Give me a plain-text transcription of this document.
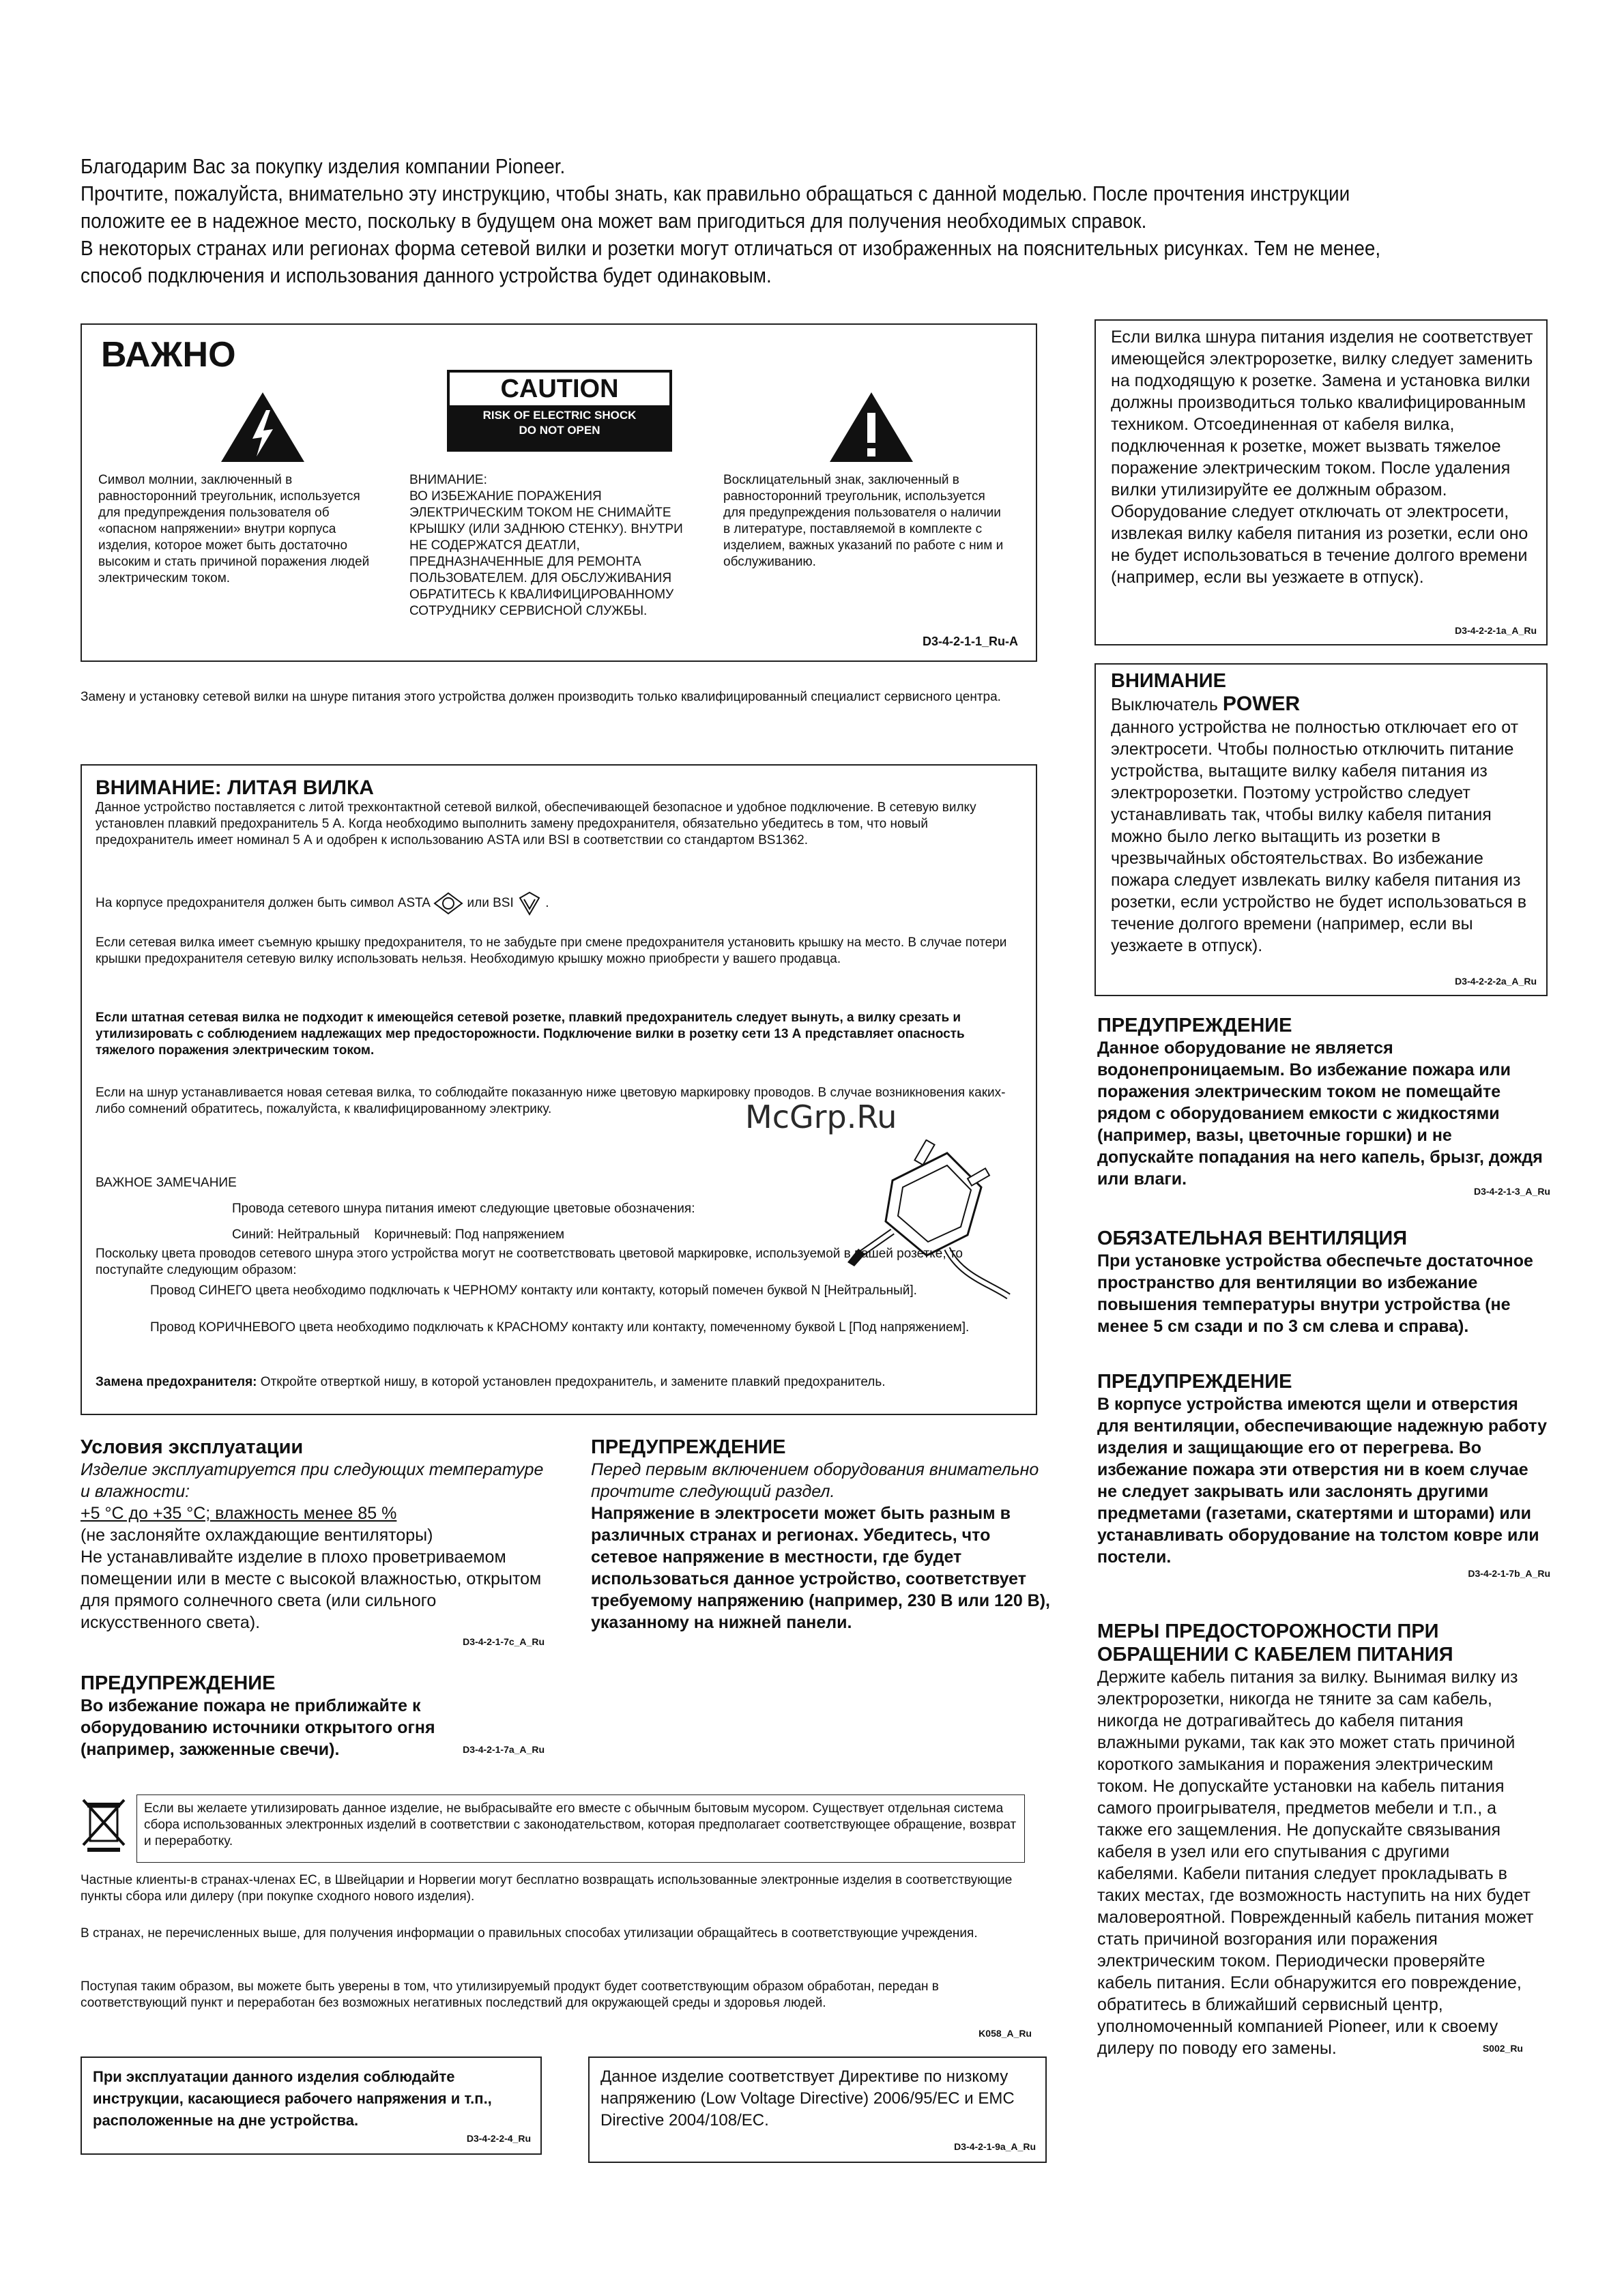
Благодарим Вас за покупку изделия компании Pioneer.

Прочтите, пожалуйста, внимательно эту инструкцию, чтобы знать, как правильно обращаться с данной моделью. После прочтения инструкции

положите ее в надежное место, поскольку в будущем она может вам пригодиться для получения необходимых справок.

В некоторых странах или регионах форма сетевой вилки и розетки могут отличаться от изображенных на пояснительных рисунках. Тем не менее,

способ подключения и использования данного устройства будет одинаковым.

ВАЖНО
CAUTION
RISK OF ELECTRIC SHOCK
DO NOT OPEN
Символ молнии, заключенный в равносторонний треугольник, используется для предупреждения пользователя об «опасном напряжении» внутри корпуса изделия, которое может быть достаточно высоким и стать причиной поражения людей электрическим током.
ВНИМАНИЕ:
ВО ИЗБЕЖАНИЕ ПОРАЖЕНИЯ ЭЛЕКТРИЧЕСКИМ ТОКОМ НЕ СНИМАЙТЕ КРЫШКУ (ИЛИ ЗАДНЮЮ СТЕНКУ). ВНУТРИ НЕ СОДЕРЖАТСЯ ДЕАТЛИ, ПРЕДНАЗНАЧЕННЫЕ ДЛЯ РЕМОНТА ПОЛЬЗОВАТЕЛЕМ. ДЛЯ ОБСЛУЖИВАНИЯ ОБРАТИТЕСЬ К КВАЛИФИЦИРОВАННОМУ СОТРУДНИКУ СЕРВИСНОЙ СЛУЖБЫ.
Восклицательный знак, заключенный в равносторонний треугольник, используется для предупреждения пользователя о наличии в литературе, поставляемой в комплекте с изделием, важных указаний по работе с ним и обслуживанию.
D3-4-2-1-1_Ru-A
Замену и установку сетевой вилки на шнуре питания этого устройства должен производить только квалифицированный специалист сервисного центра.
ВНИМАНИЕ: ЛИТАЯ ВИЛКА
Данное устройство поставляется с литой трехконтактной сетевой вилкой, обеспечивающей безопасное и удобное подключение. В сетевую вилку установлен плавкий предохранитель 5 А. Когда необходимо выполнить замену предохранителя, обязательно убедитесь в том, что новый предохранитель имеет номинал 5 А и одобрен к использованию ASTA или BSI в соответствии со стандартом BS1362.
На корпусе предохранителя должен быть символ ASTA	или BSI .
Если сетевая вилка имеет съемную крышку предохранителя, то не забудьте при смене предохранителя установить крышку на место. В случае потери крышки предохранителя сетевую вилку использовать нельзя. Необходимую крышку можно приобрести у вашего продавца.
Если штатная сетевая вилка не подходит к имеющейся сетевой розетке, плавкий предохранитель следует вынуть, а вилку срезать и утилизировать с соблюдением надлежащих мер предосторожности. Подключение вилки в розетку сети 13 А представляет опасность тяжелого поражения электрическим током.
Если на шнур устанавливается новая сетевая вилка, то соблюдайте показанную ниже цветовую маркировку проводов. В случае возникновения каких-либо сомнений обратитесь, пожалуйста, к квалифицированному электрику.	McGrp.Ru
ВАЖНОЕ ЗАМЕЧАНИЕ
Провода сетевого шнура питания имеют следующие цветовые обозначения:
Синий: Нейтральный    Коричневый: Под напряжением
Поскольку цвета проводов сетевого шнура этого устройства могут не соответствовать цветовой маркировке, используемой в вашей розетке, то поступайте следующим образом:
Провод СИНЕГО цвета необходимо подключать к ЧЕРНОМУ контакту или контакту, который помечен буквой N [Нейтральный].
Провод КОРИЧНЕВОГО цвета необходимо подключать к КРАСНОМУ контакту или контакту, помеченному буквой L [Под напряжением].
Замена предохранителя: Откройте отверткой нишу, в которой установлен предохранитель, и замените плавкий предохранитель.
Условия эксплуатации
Изделие эксплуатируется при следующих температуре и влажности:
+5 °C до +35 °C; влажность менее 85 %
(не заслоняйте охлаждающие вентиляторы)
Не устанавливайте изделие в плохо проветриваемом помещении или в месте с высокой влажностью, открытом для прямого солнечного света (или сильного искусственного света).
D3-4-2-1-7c_A_Ru
ПРЕДУПРЕЖДЕНИЕ
Во избежание пожара не приближайте к оборудованию источники открытого огня (например, зажженные свечи).	D3-4-2-1-7a_A_Ru
ПРЕДУПРЕЖДЕНИЕ
Перед первым включением оборудования внимательно прочтите следующий раздел.
Напряжение в электросети может быть разным в различных странах и регионах. Убедитесь, что сетевое напряжение в местности, где будет использоваться данное устройство, соответствует требуемому напряжению (например, 230 В или 120 В), указанному на нижней панели.
Если вы желаете утилизировать данное изделие, не выбрасывайте его вместе с обычным бытовым мусором. Существует отдельная система сбора использованных электронных изделий в соответствии с законодательством, которая предполагает соответствующее обращение, возврат и переработку.
Частные клиенты-в странах-членах ЕС, в Швейцарии и Норвегии могут бесплатно возвращать использованные электронные изделия в соответствующие пункты сбора или дилеру (при покупке сходного нового изделия).
В странах, не перечисленных выше, для получения информации о правильных способах утилизации обращайтесь в соответствующие учреждения.
Поступая таким образом, вы можете быть уверены в том, что утилизируемый продукт будет соответствующим образом обработан, передан в соответствующий пункт и переработан без возможных негативных последствий для окружающей среды и здоровья людей.
K058_A_Ru
При эксплуатации данного изделия соблюдайте инструкции, касающиеся рабочего напряжения и т.п., расположенные на дне устройства.
D3-4-2-2-4_Ru
Данное изделие соответствует Директиве по низкому напряжению (Low Voltage Directive) 2006/95/EC и EMC Directive 2004/108/EC.
D3-4-2-1-9a_A_Ru
Если вилка шнура питания изделия не соответствует имеющейся электророзетке, вилку следует заменить на подходящую к розетке. Замена и установка вилки должны производиться только квалифицированным техником. Отсоединенная от кабеля вилка, подключенная к розетке, может вызвать тяжелое поражение электрическим током. После удаления вилки утилизируйте ее должным образом. Оборудование следует отключать от электросети, извлекая вилку кабеля питания из розетки, если оно не будет использоваться в течение долгого времени (например, если вы уезжаете в отпуск).
D3-4-2-2-1a_A_Ru
ВНИМАНИЕ
Выключатель POWER
данного устройства не полностью отключает его от электросети. Чтобы полностью отключить питание устройства, вытащите вилку кабеля питания из электророзетки. Поэтому устройство следует устанавливать так, чтобы вилку кабеля питания можно было легко вытащить из розетки в чрезвычайных обстоятельствах. Во избежание пожара следует извлекать вилку кабеля питания из розетки, если устройство не будет использоваться в течение долгого времени (например, если вы уезжаете в отпуск).
D3-4-2-2-2a_A_Ru
ПРЕДУПРЕЖДЕНИЕ
Данное оборудование не является водонепроницаемым. Во избежание пожара или поражения электрическим током не помещайте рядом с оборудованием емкости с жидкостями (например, вазы, цветочные горшки) и не допускайте попадания на него капель, брызг, дождя или влаги.
D3-4-2-1-3_A_Ru
ОБЯЗАТЕЛЬНАЯ ВЕНТИЛЯЦИЯ
При установке устройства обеспечьте достаточное пространство для вентиляции во избежание повышения температуры внутри устройства (не менее 5 см сзади и по 3 см слева и справа).
ПРЕДУПРЕЖДЕНИЕ
В корпусе устройства имеются щели и отверстия для вентиляции, обеспечивающие надежную работу изделия и защищающие его от перегрева. Во избежание пожара эти отверстия ни в коем случае не следует закрывать или заслонять другими предметами (газетами, скатертями и шторами) или устанавливать оборудование на толстом ковре или постели.
D3-4-2-1-7b_A_Ru
МЕРЫ ПРЕДОСТОРОЖНОСТИ ПРИ ОБРАЩЕНИИ С КАБЕЛЕМ ПИТАНИЯ
Держите кабель питания за вилку. Вынимая вилку из электророзетки, никогда не тяните за сам кабель, никогда не дотрагивайтесь до кабеля питания влажными руками, так как это может стать причиной короткого замыкания и поражения электрическим током. Не допускайте установки на кабель питания самого проигрывателя, предметов мебели и т.п., а также его защемления. Не допускайте связывания кабеля в узел или его спутывания с другими кабелями. Кабели питания следует прокладывать в таких местах, где возможность наступить на них будет маловероятной. Поврежденный кабель питания может стать причиной возгорания или поражения электрическим током. Периодически проверяйте кабель питания. Если обнаружится его повреждение, обратитесь в ближайший сервисный центр, уполномоченный компанией Pioneer, или к своему дилеру по поводу его замены.	S002_Ru
